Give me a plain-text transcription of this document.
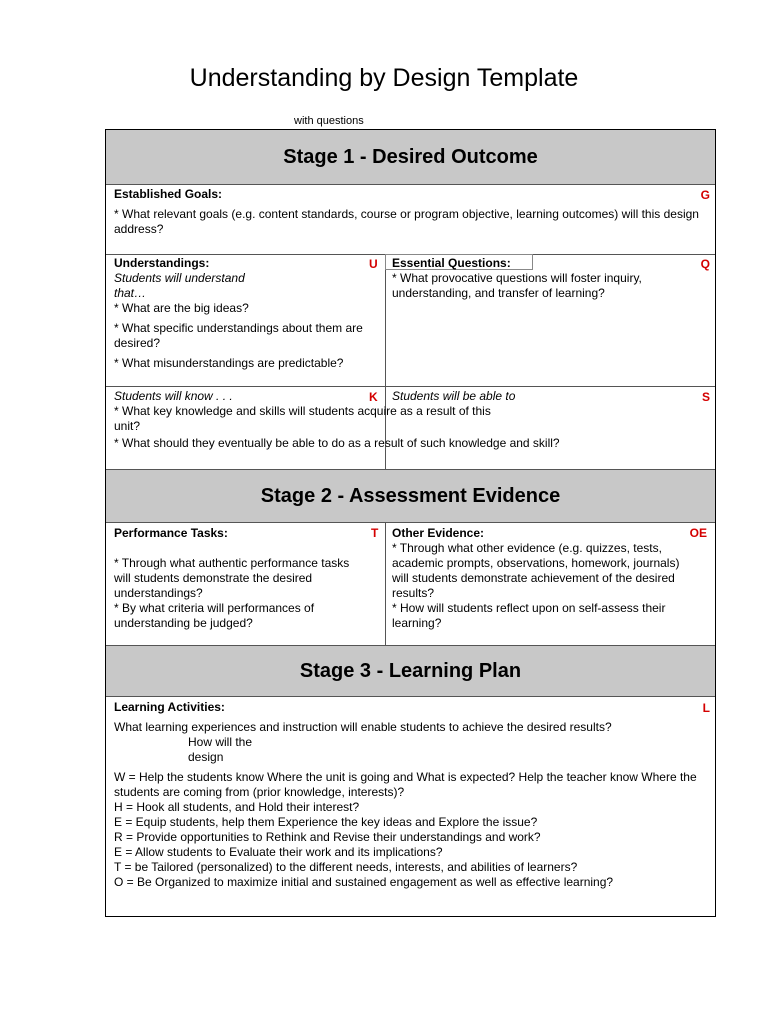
Understanding by Design Template
with questions
Stage 1 - Desired Outcome
Established Goals:
* What relevant goals (e.g. content standards, course or program objective, learning outcomes) will this design address?
G
Understandings:
Students will understand
that…
* What are the big ideas?
* What specific understandings about them are desired?
* What misunderstandings are predictable?
U Essential Questions:
* What provocative questions will foster inquiry, understanding, and transfer of learning?
Q
Students will know . . .	K Students will be able to	S
* What key knowledge and skills will students acquire as a result of this unit?
* What should they eventually be able to do as a result of such knowledge and skill?
Stage 2 - Assessment Evidence
Performance Tasks:
* Through what authentic performance tasks will students demonstrate the desired understandings?
* By what criteria will performances of understanding be judged?
T Other Evidence:
* Through what other evidence (e.g. quizzes, tests, academic prompts, observations, homework, journals) will students demonstrate achievement of the desired results?
* How will students reflect upon on self-assess their learning?
OE
Stage 3 - Learning Plan
Learning Activities:
What learning experiences and instruction will enable students to achieve the desired results?
How will the
design
W = Help the students know Where the unit is going and What is expected? Help the teacher know Where the students are coming from (prior knowledge, interests)?
H = Hook all students, and Hold their interest?
E = Equip students, help them Experience the key ideas and Explore the issue?
R = Provide opportunities to Rethink and Revise their understandings and work?
E = Allow students to Evaluate their work and its implications?
T = be Tailored (personalized) to the different needs, interests, and abilities of learners?
O = Be Organized to maximize initial and sustained engagement as well as effective learning?
L
